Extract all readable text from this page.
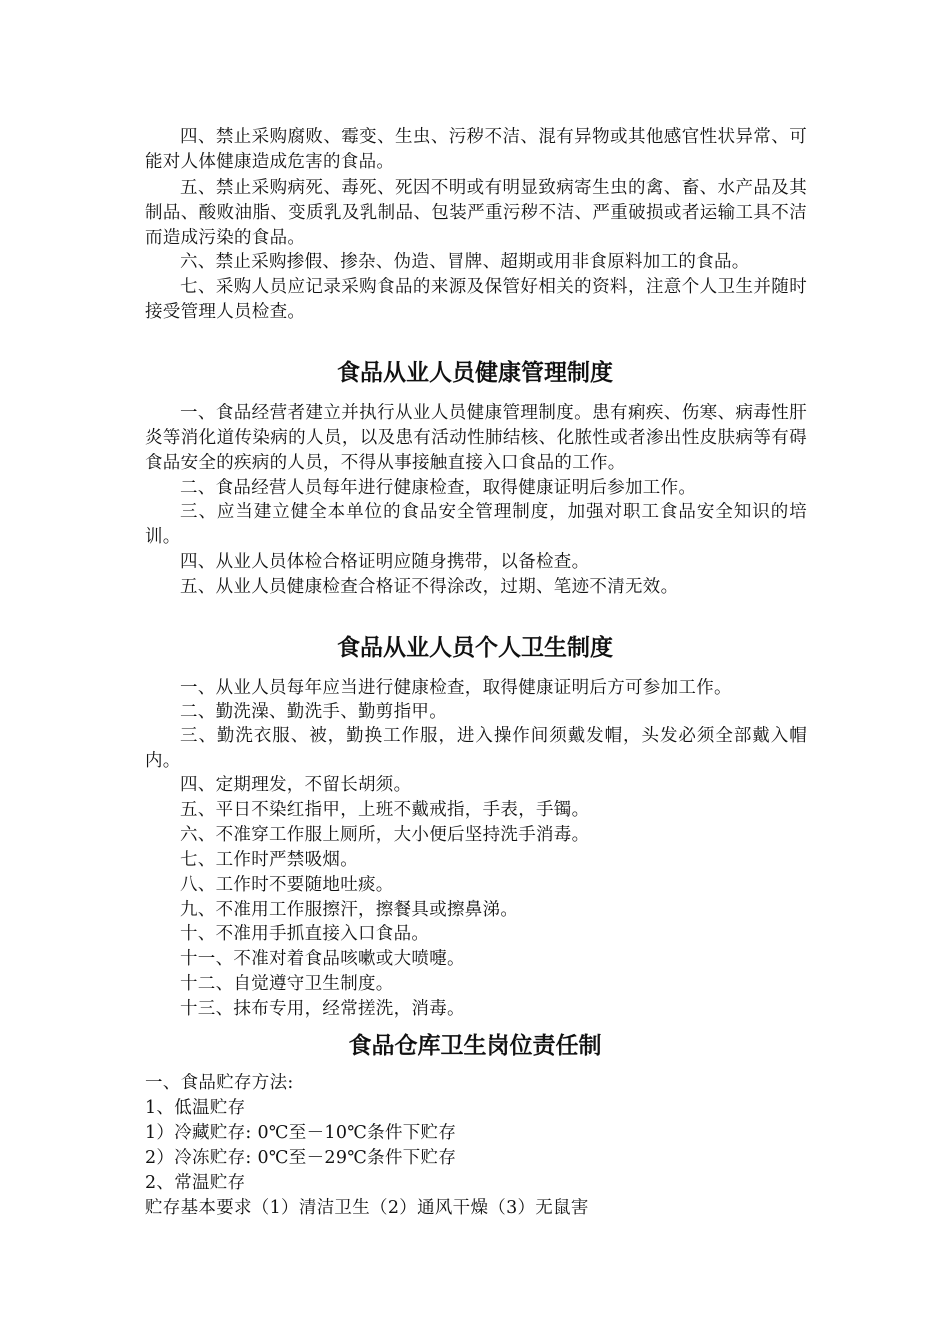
四、禁止采购腐败、霉变、生虫、污秽不洁、混有异物或其他感官性状异常、可能对人体健康造成危害的食品。
五、禁止采购病死、毒死、死因不明或有明显致病寄生虫的禽、畜、水产品及其制品、酸败油脂、变质乳及乳制品、包装严重污秽不洁、严重破损或者运输工具不洁而造成污染的食品。
六、禁止采购掺假、掺杂、伪造、冒牌、超期或用非食原料加工的食品。
七、采购人员应记录采购食品的来源及保管好相关的资料，注意个人卫生并随时接受管理人员检查。
食品从业人员健康管理制度
一、食品经营者建立并执行从业人员健康管理制度。患有痢疾、伤寒、病毒性肝炎等消化道传染病的人员，以及患有活动性肺结核、化脓性或者渗出性皮肤病等有碍食品安全的疾病的人员，不得从事接触直接入口食品的工作。
二、食品经营人员每年进行健康检查，取得健康证明后参加工作。
三、应当建立健全本单位的食品安全管理制度，加强对职工食品安全知识的培训。
四、从业人员体检合格证明应随身携带，以备检查。
五、从业人员健康检查合格证不得涂改，过期、笔迹不清无效。
食品从业人员个人卫生制度
一、从业人员每年应当进行健康检查，取得健康证明后方可参加工作。
二、勤洗澡、勤洗手、勤剪指甲。
三、勤洗衣服、被，勤换工作服，进入操作间须戴发帽，头发必须全部戴入帽内。
四、定期理发，不留长胡须。
五、平日不染红指甲，上班不戴戒指，手表，手镯。
六、不准穿工作服上厕所，大小便后坚持洗手消毒。
七、工作时严禁吸烟。
八、工作时不要随地吐痰。
九、不准用工作服擦汗，擦餐具或擦鼻涕。
十、不准用手抓直接入口食品。
十一、不准对着食品咳嗽或大喷嚏。
十二、自觉遵守卫生制度。
十三、抹布专用，经常搓洗，消毒。
食品仓库卫生岗位责任制
一、食品贮存方法:
1、低温贮存
1）冷藏贮存: 0℃至－10℃条件下贮存
2）冷冻贮存: 0℃至－29℃条件下贮存
2、常温贮存
贮存基本要求（1）清洁卫生（2）通风干燥（3）无鼠害
